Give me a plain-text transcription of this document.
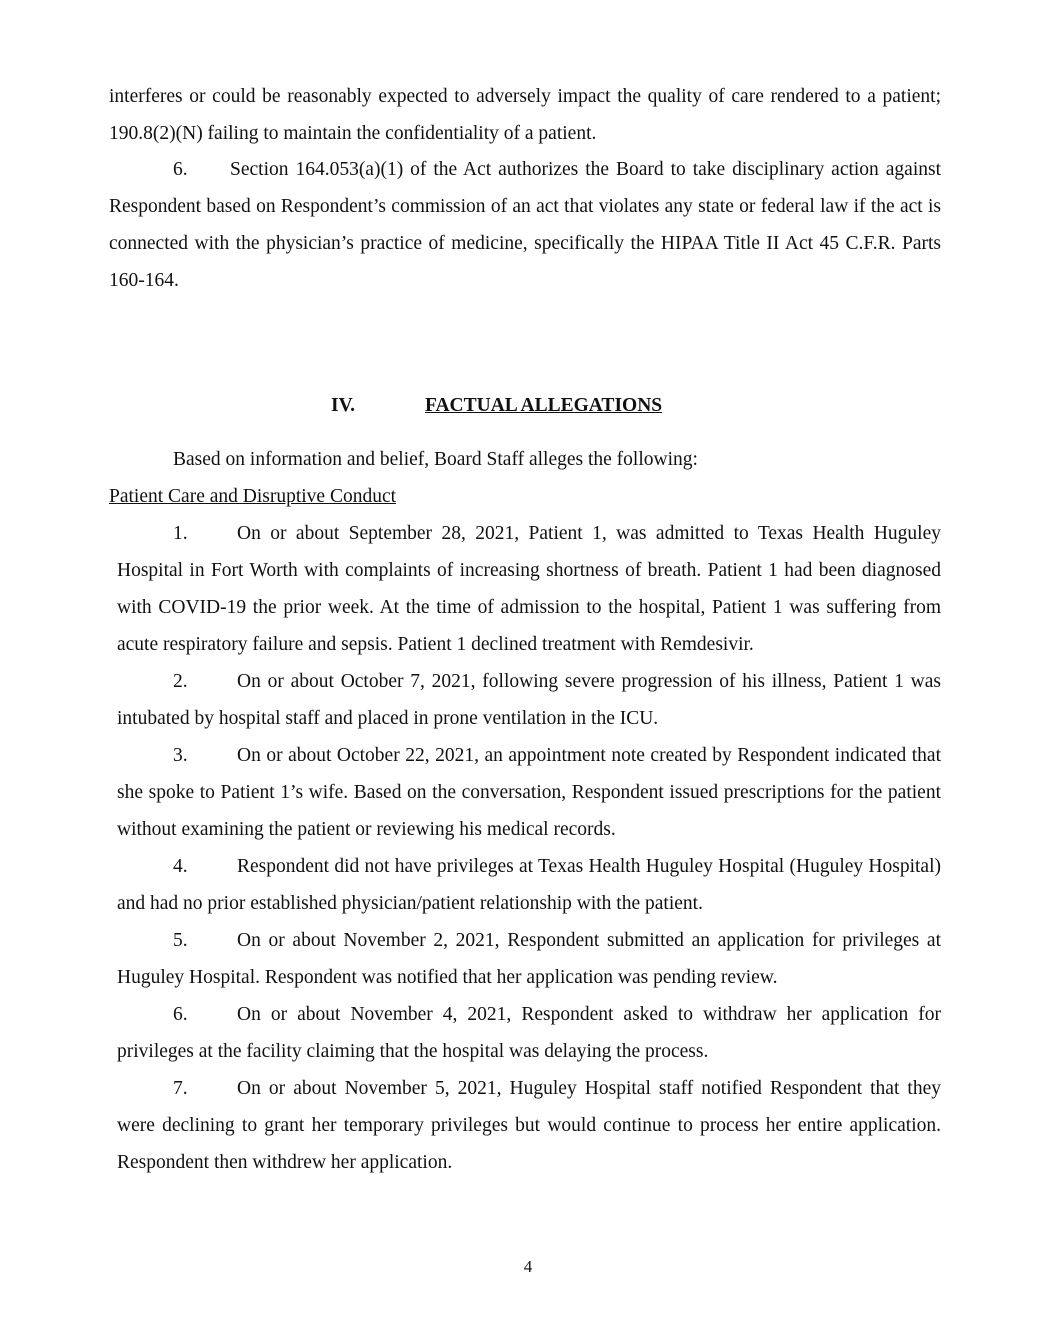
interferes or could be reasonably expected to adversely impact the quality of care rendered to a patient; 190.8(2)(N) failing to maintain the confidentiality of a patient.
6. Section 164.053(a)(1) of the Act authorizes the Board to take disciplinary action against Respondent based on Respondent’s commission of an act that violates any state or federal law if the act is connected with the physician’s practice of medicine, specifically the HIPAA Title II Act 45 C.F.R. Parts 160-164.
IV.	FACTUAL ALLEGATIONS
Based on information and belief, Board Staff alleges the following:
Patient Care and Disruptive Conduct
1.	On or about September 28, 2021, Patient 1, was admitted to Texas Health Huguley Hospital in Fort Worth with complaints of increasing shortness of breath. Patient 1 had been diagnosed with COVID-19 the prior week. At the time of admission to the hospital, Patient 1 was suffering from acute respiratory failure and sepsis. Patient 1 declined treatment with Remdesivir.
2.	On or about October 7, 2021, following severe progression of his illness, Patient 1 was intubated by hospital staff and placed in prone ventilation in the ICU.
3.	On or about October 22, 2021, an appointment note created by Respondent indicated that she spoke to Patient 1’s wife. Based on the conversation, Respondent issued prescriptions for the patient without examining the patient or reviewing his medical records.
4.	Respondent did not have privileges at Texas Health Huguley Hospital (Huguley Hospital) and had no prior established physician/patient relationship with the patient.
5.	On or about November 2, 2021, Respondent submitted an application for privileges at Huguley Hospital. Respondent was notified that her application was pending review.
6.	On or about November 4, 2021, Respondent asked to withdraw her application for privileges at the facility claiming that the hospital was delaying the process.
7.	On or about November 5, 2021, Huguley Hospital staff notified Respondent that they were declining to grant her temporary privileges but would continue to process her entire application. Respondent then withdrew her application.
4
